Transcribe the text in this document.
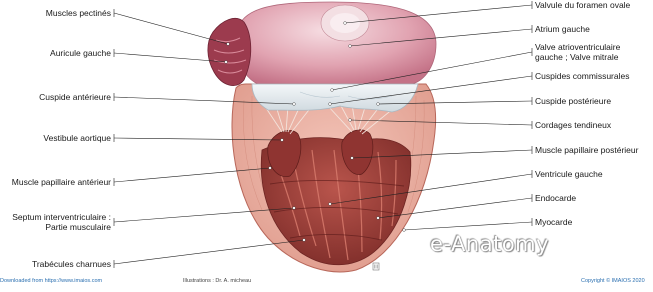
Muscles pectinés
Auricule gauche
Cuspide antérieure
Vestibule aortique
Muscle papillaire antérieur
Septum interventriculaire :
Partie musculaire
Trabécules charnues
Valvule du foramen ovale
Atrium gauche
Valve atrioventriculaire
gauche ; Valve mitrale
Cuspides commissurales
Cuspide postérieure
Cordages tendineux
Muscle papillaire postérieur
Ventricule gauche
Endocarde
Myocarde
e-Anatomy
Downloaded from https://www.imaios.com	Illustrations : Dr. A. micheau	Copyright © IMAIOS 2020
